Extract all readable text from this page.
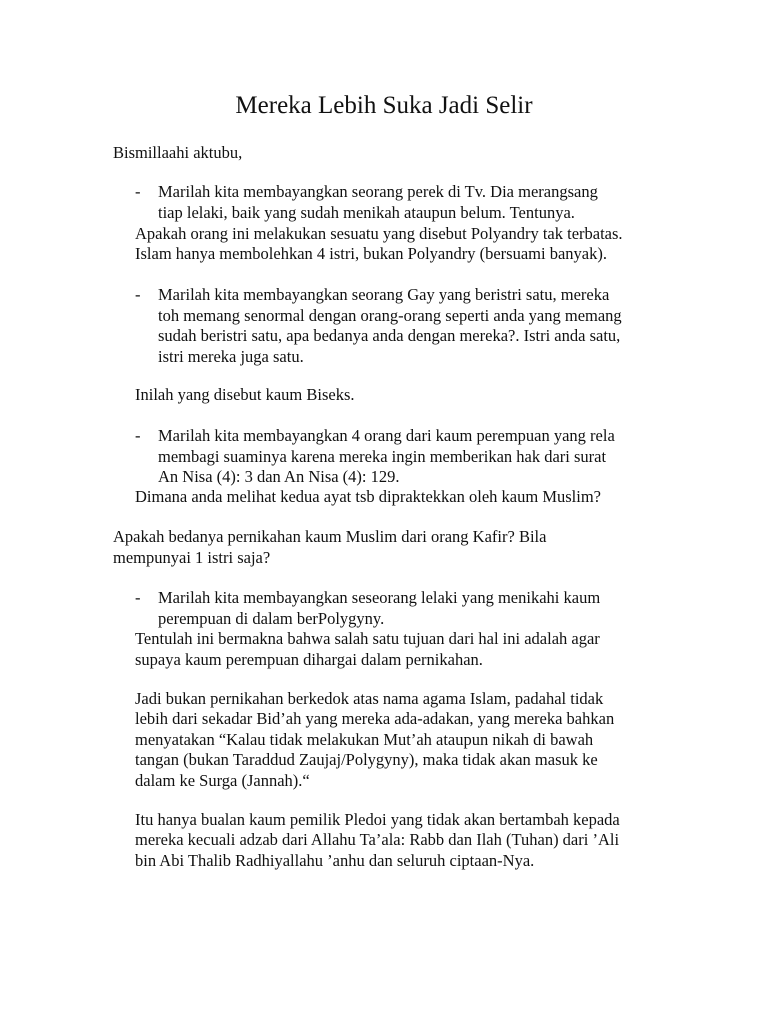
Mereka Lebih Suka Jadi Selir
Bismillaahi aktubu,
- Marilah kita membayangkan seorang perek di Tv. Dia merangsang
tiap lelaki, baik yang sudah menikah ataupun belum. Tentunya.
Apakah orang ini melakukan sesuatu yang disebut Polyandry tak terbatas.
Islam hanya membolehkan 4 istri, bukan Polyandry (bersuami banyak).
- Marilah kita membayangkan seorang Gay yang beristri satu, mereka
toh memang senormal dengan orang-orang seperti anda yang memang
sudah beristri satu, apa bedanya anda dengan mereka?. Istri anda satu,
istri mereka juga satu.
Inilah yang disebut kaum Biseks.
- Marilah kita membayangkan 4 orang dari kaum perempuan yang rela
membagi suaminya karena mereka ingin memberikan hak dari surat
An Nisa (4): 3 dan An Nisa (4): 129.
Dimana anda melihat kedua ayat tsb dipraktekkan oleh kaum Muslim?
Apakah bedanya pernikahan kaum Muslim dari orang Kafir? Bila
mempunyai 1 istri saja?
- Marilah kita membayangkan seseorang lelaki yang menikahi kaum
perempuan di dalam berPolygyny.
Tentulah ini bermakna bahwa salah satu tujuan dari hal ini adalah agar
supaya kaum perempuan dihargai dalam pernikahan.
Jadi bukan pernikahan berkedok atas nama agama Islam, padahal tidak
lebih dari sekadar Bid’ah yang mereka ada-adakan, yang mereka bahkan
menyatakan “Kalau tidak melakukan Mut’ah ataupun nikah di bawah
tangan (bukan Taraddud Zaujaj/Polygyny), maka tidak akan masuk ke
dalam ke Surga (Jannah).“
Itu hanya bualan kaum pemilik Pledoi yang tidak akan bertambah kepada
mereka kecuali adzab dari Allahu Ta’ala: Rabb dan Ilah (Tuhan) dari ’Ali
bin Abi Thalib Radhiyallahu ’anhu dan seluruh ciptaan-Nya.
